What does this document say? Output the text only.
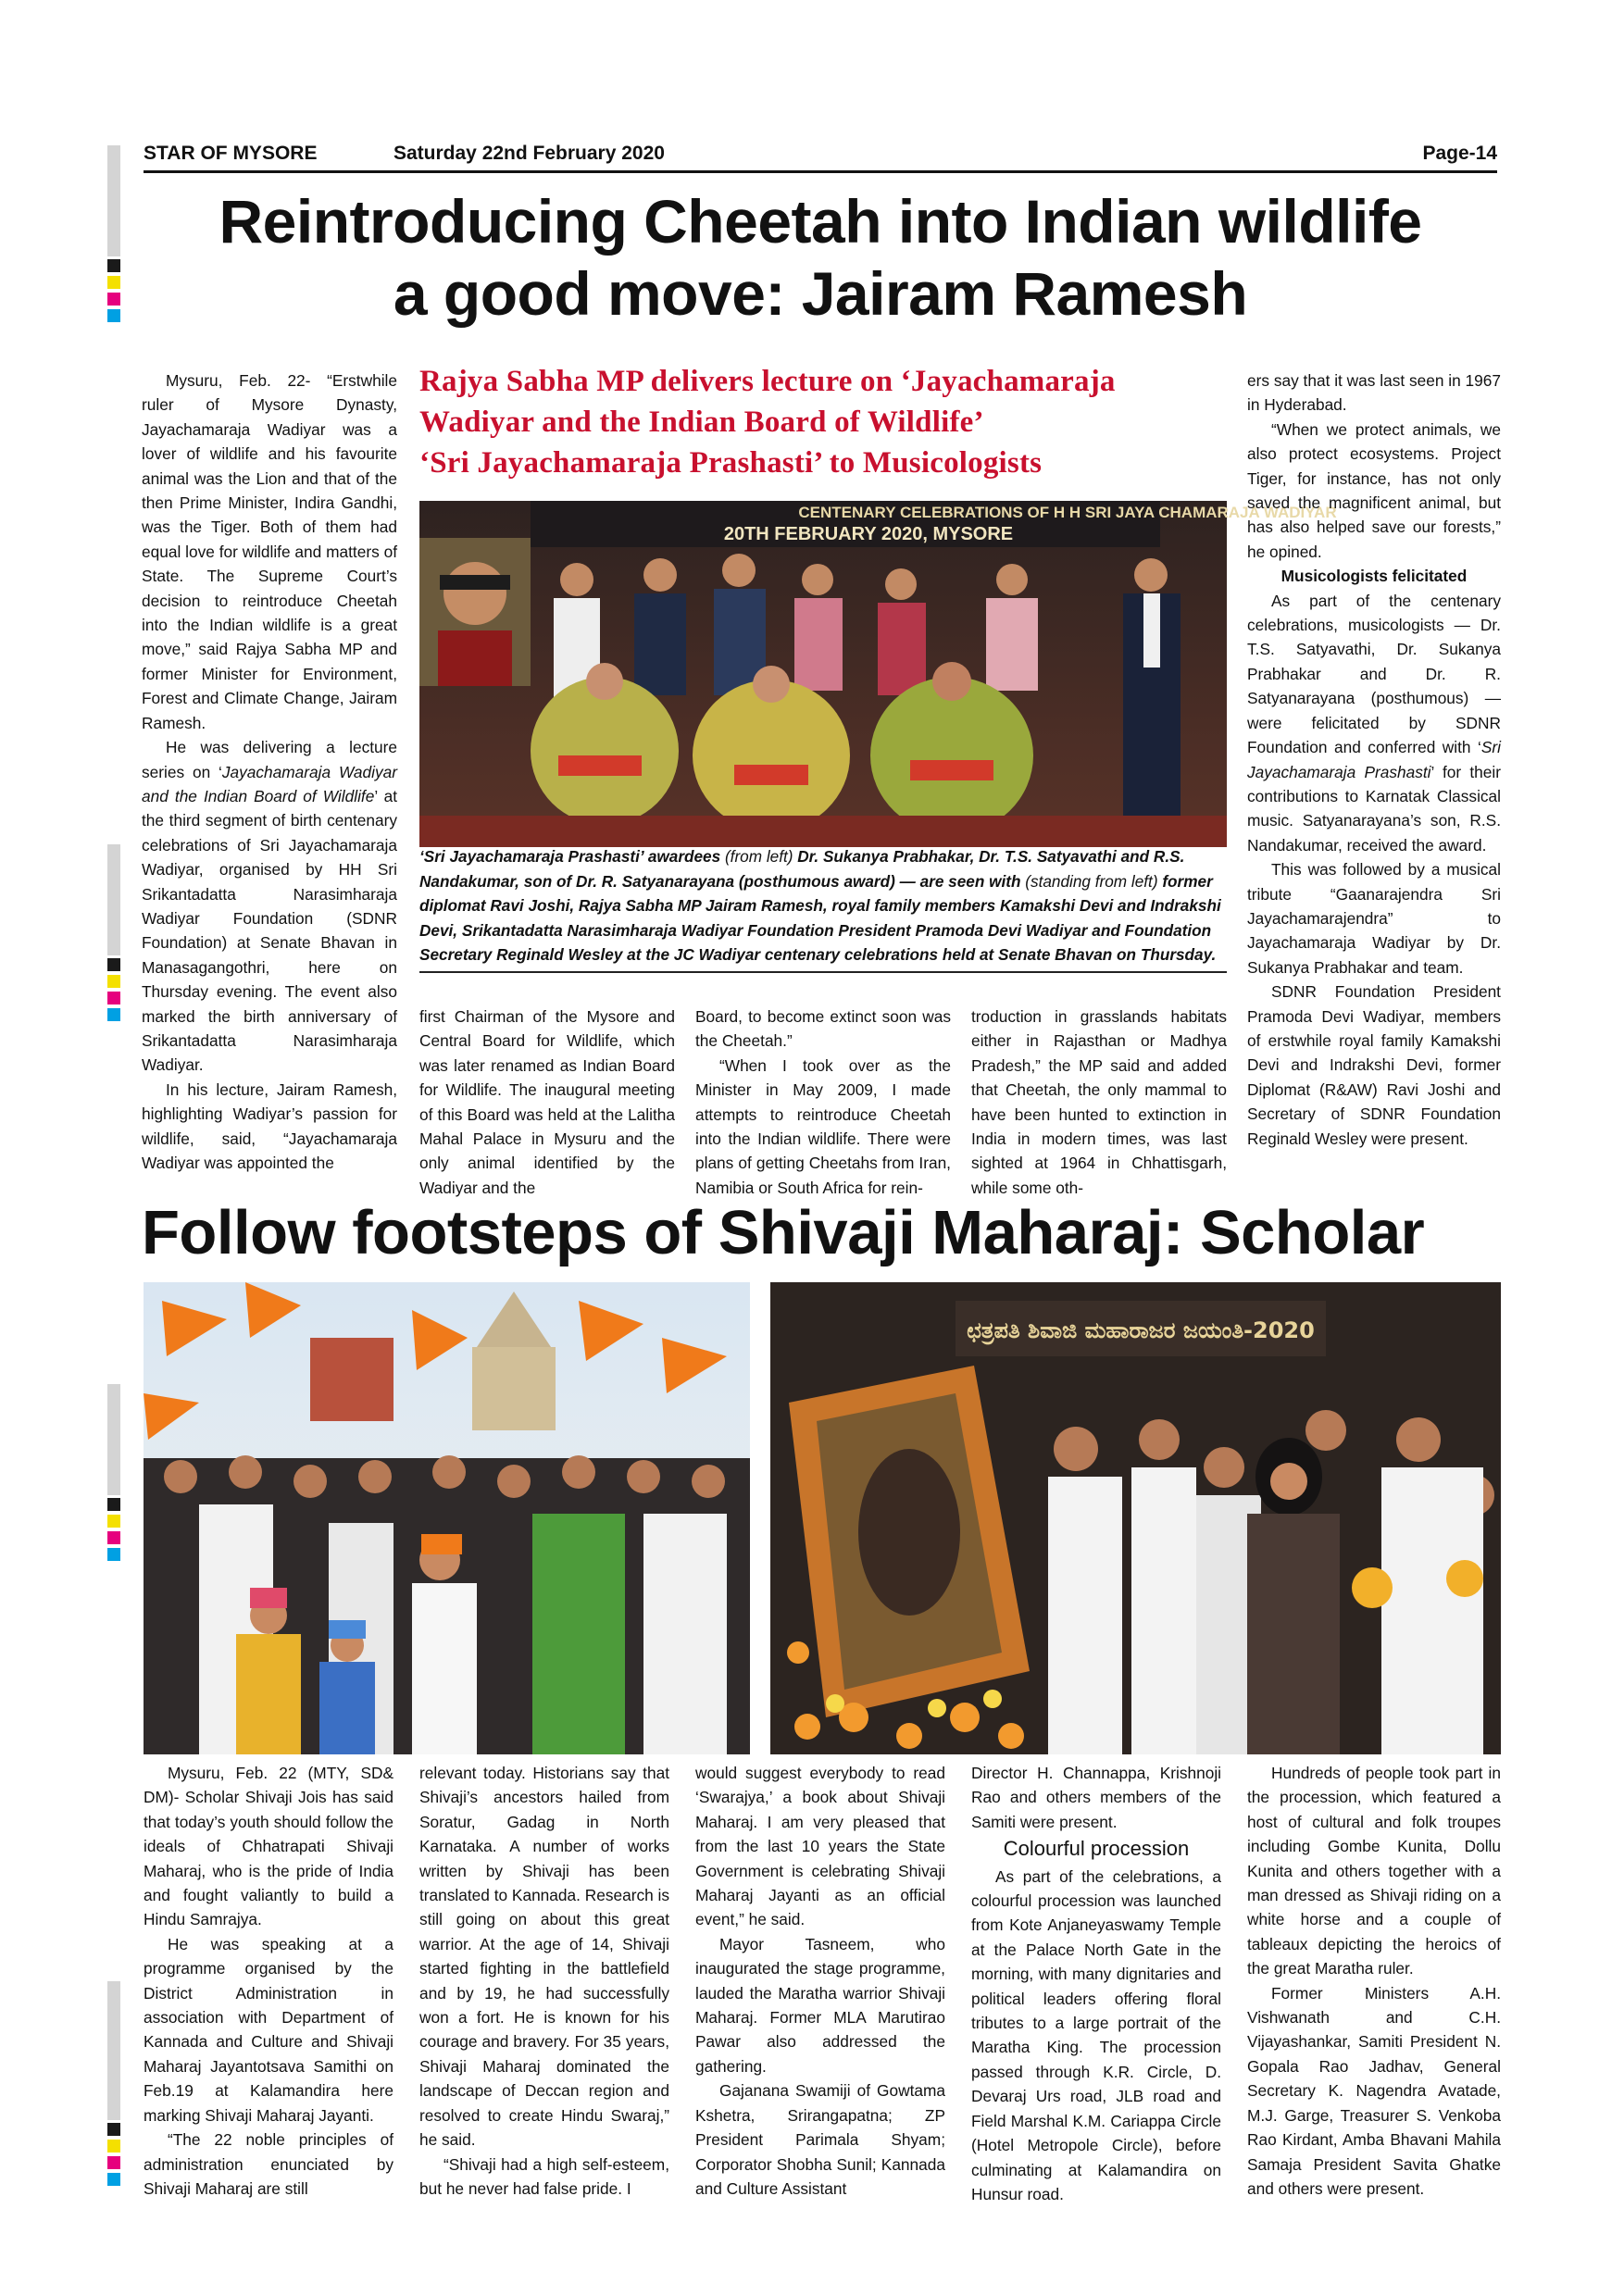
STAR OF MYSORE	Saturday 22nd February 2020	Page-14
Reintroducing Cheetah into Indian wildlife
a good move: Jairam Ramesh

Mysuru, Feb. 22- “Erstwhile ruler of Mysore Dynasty, Jayachamaraja Wadiyar was a lover of wildlife and his favourite animal was the Lion and that of the then Prime Minister, Indira Gandhi, was the Tiger. Both of them had equal love for wildlife and matters of State. The Supreme Court’s decision to reintroduce Cheetah into the Indian wildlife is a great move,” said Rajya Sabha MP and former Minister for Environment, Forest and Climate Change, Jairam Ramesh.

He was delivering a lecture series on ‘Jayachamaraja Wadiyar and the Indian Board of Wildlife’ at the third segment of birth centenary celebrations of Sri Jayachamaraja Wadiyar, organised by HH Sri Srikantadatta Narasimharaja Wadiyar Foundation (SDNR Foundation) at Senate Bhavan in Manasagangothri, here on Thursday evening. The event also marked the birth anniversary of Srikantadatta Narasimharaja Wadiyar.

In his lecture, Jairam Ramesh, highlighting Wadiyar’s passion for wildlife, said, “Jayachamaraja Wadiyar was appointed the

Rajya Sabha MP delivers lecture on ‘Jayachamaraja
Wadiyar and the Indian Board of Wildlife’
‘Sri Jayachamaraja Prashasti’ to Musicologists
CENTENARY CELEBRATIONS OF H H SRI JAYA CHAMARAJA WADIYAR
20TH FEBRUARY 2020, MYSORE
‘Sri Jayachamaraja Prashasti’ awardees (from left) Dr. Sukanya Prabhakar, Dr. T.S. Satyavathi and R.S. Nandakumar, son of Dr. R. Satyanarayana (posthumous award) — are seen with (standing from left) former diplomat Ravi Joshi, Rajya Sabha MP Jairam Ramesh, royal family members Kamakshi Devi and Indrakshi Devi, Srikantadatta Narasimharaja Wadiyar Foundation President Pramoda Devi Wadiyar and Foundation Secretary Reginald Wesley at the JC Wadiyar centenary celebrations held at Senate Bhavan on Thursday.

first Chairman of the Mysore and Central Board for Wildlife, which was later renamed as Indian Board for Wildlife. The inaugural meeting of this Board was held at the Lalitha Mahal Palace in Mysuru and the only animal identified by the Wadiyar and the

Board, to become extinct soon was the Cheetah.”

“When I took over as the Minister in May 2009, I made attempts to reintroduce Cheetah into the Indian wildlife. There were plans of getting Cheetahs from Iran, Namibia or South Africa for rein-

troduction in grasslands habitats either in Rajasthan or Madhya Pradesh,” the MP said and added that Cheetah, the only mammal to have been hunted to extinction in India in modern times, was last sighted at 1964 in Chhattisgarh, while some oth-

ers say that it was last seen in 1967 in Hyderabad.

“When we protect animals, we also protect ecosystems. Project Tiger, for instance, has not only saved the magnificent animal, but has also helped save our forests,” he opined.

Musicologists felicitated

As part of the centenary celebrations, musicologists — Dr. T.S. Satyavathi, Dr. Sukanya Prabhakar and Dr. R. Satyanarayana (posthumous) — were felicitated by SDNR Foundation and conferred with ‘Sri Jayachamaraja Prashasti’ for their contributions to Karnatak Classical music. Satyanarayana’s son, R.S. Nandakumar, received the award.

This was followed by a musical tribute “Gaanarajendra Sri Jayachamarajendra” to Jayachamaraja Wadiyar by Dr. Sukanya Prabhakar and team.

SDNR Foundation President Pramoda Devi Wadiyar, members of erstwhile royal family Kamakshi Devi and Indrakshi Devi, former Diplomat (R&AW) Ravi Joshi and Secretary of SDNR Foundation Reginald Wesley were present.

Follow footsteps of Shivaji Maharaj: Scholar
ಛತ್ರಪತಿ ಶಿವಾಜಿ ಮಹಾರಾಜರ ಜಯಂತಿ-2020

Mysuru, Feb. 22 (MTY, SD& DM)- Scholar Shivaji Jois has said that today’s youth should follow the ideals of Chhatrapati Shivaji Maharaj, who is the pride of India and fought valiantly to build a Hindu Samrajya.

He was speaking at a programme organised by the District Administration in association with Department of Kannada and Culture and Shivaji Maharaj Jayantotsava Samithi on Feb.19 at Kalamandira here marking Shivaji Maharaj Jayanti.

“The 22 noble principles of administration enunciated by Shivaji Maharaj are still

relevant today. Historians say that Shivaji’s ancestors hailed from Soratur, Gadag in North Karnataka. A number of works written by Shivaji has been translated to Kannada. Research is still going on about this great warrior. At the age of 14, Shivaji started fighting in the battlefield and by 19, he had successfully won a fort. He is known for his courage and bravery. For 35 years, Shivaji Maharaj dominated the landscape of Deccan region and resolved to create Hindu Swaraj,” he said.

“Shivaji had a high self-esteem, but he never had false pride. I

would suggest everybody to read ‘Swarajya,’ a book about Shivaji Maharaj. I am very pleased that from the last 10 years the State Government is celebrating Shivaji Maharaj Jayanti as an official event,” he said.

Mayor Tasneem, who inaugurated the stage programme, lauded the Maratha warrior Shivaji Maharaj. Former MLA Marutirao Pawar also addressed the gathering.

Gajanana Swamiji of Gowtama Kshetra, Srirangapatna; ZP President Parimala Shyam; Corporator Shobha Sunil; Kannada and Culture Assistant

Director H. Channappa, Krishnoji Rao and others members of the Samiti were present.

Colourful procession

As part of the celebrations, a colourful procession was launched from Kote Anjaneyaswamy Temple at the Palace North Gate in the morning, with many dignitaries and political leaders offering floral tributes to a large portrait of the Maratha King. The procession passed through K.R. Circle, D. Devaraj Urs road, JLB road and Field Marshal K.M. Cariappa Circle (Hotel Metropole Circle), before culminating at Kalamandira on Hunsur road.

Hundreds of people took part in the procession, which featured a host of cultural and folk troupes including Gombe Kunita, Dollu Kunita and others together with a man dressed as Shivaji riding on a white horse and a couple of tableaux depicting the heroics of the great Maratha ruler.

Former Ministers A.H. Vishwanath and C.H. Vijayashankar, Samiti President N. Gopala Rao Jadhav, General Secretary K. Nagendra Avatade, M.J. Garge, Treasurer S. Venkoba Rao Kirdant, Amba Bhavani Mahila Samaja President Savita Ghatke and others were present.
